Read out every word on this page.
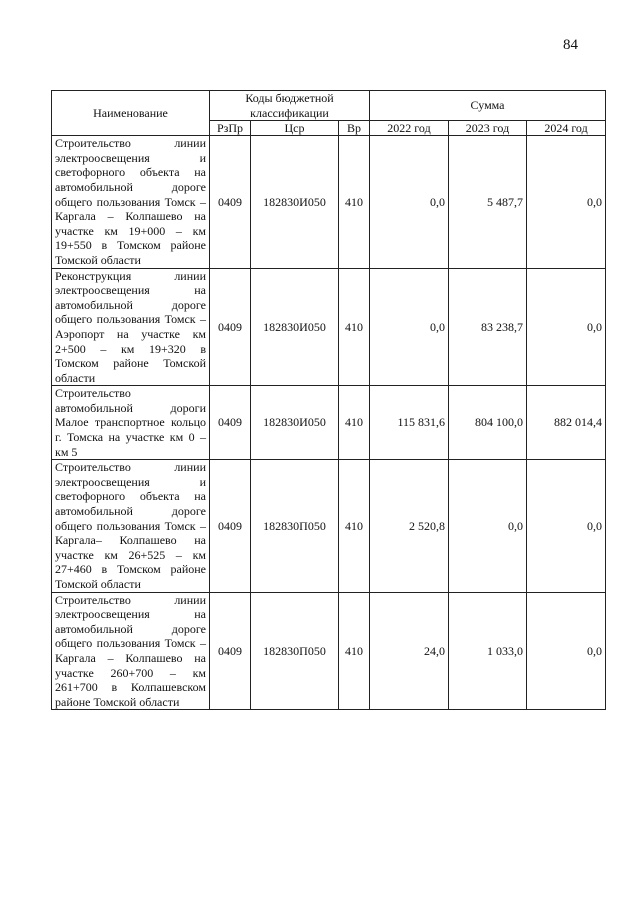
84
Наименование	Коды бюджетной классификации			Сумма		
	РзПр	Цср	Вр	2022 год	2023 год	2024 год
Строительство линии электроосвещения и светофорного объекта на автомобильной дороге общего пользования Томск – Каргала – Колпашево на участке км 19+000 – км 19+550 в Томском районе Томской области	0409	182830И050	410	0,0	5 487,7	0,0
Реконструкция линии электроосвещения на автомобильной дороге общего пользования Томск – Аэропорт на участке км 2+500 – км 19+320 в Томском районе Томской области	0409	182830И050	410	0,0	83 238,7	0,0
Строительство автомобильной дороги Малое транспортное кольцо г. Томска на участке км 0 – км 5	0409	182830И050	410	115 831,6	804 100,0	882 014,4
Строительство линии электроосвещения и светофорного объекта на автомобильной дороге общего пользования Томск – Каргала– Колпашево на участке км 26+525 – км 27+460 в Томском районе Томской области	0409	182830П050	410	2 520,8	0,0	0,0
Строительство линии электроосвещения на автомобильной дороге общего пользования Томск – Каргала – Колпашево на участке 260+700 – км 261+700 в Колпашевском районе Томской области	0409	182830П050	410	24,0	1 033,0	0,0
